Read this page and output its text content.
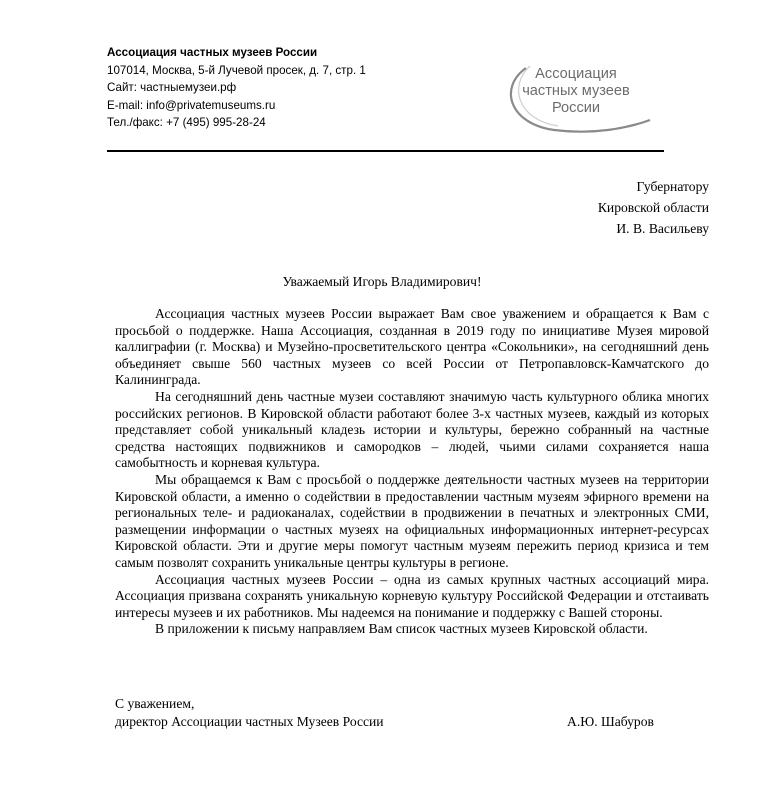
Ассоциация частных музеев России
107014, Москва, 5-й Лучевой просек, д. 7, стр. 1
Сайт: частныемузеи.рф
E-mail: info@privatemuseums.ru
Тел./факс: +7 (495) 995-28-24
Ассоциация
частных музеев
России
Губернатору
Кировской области
И. В. Васильеву
Уважаемый Игорь Владимирович!

Ассоциация частных музеев России выражает Вам свое уважением и обращается к Вам с просьбой о поддержке. Наша Ассоциация, созданная в 2019 году по инициативе Музея мировой каллиграфии (г. Москва) и Музейно-просветительского центра «Сокольники», на сегодняшний день объединяет свыше 560 частных музеев со всей России от Петропавловск-Камчатского до Калининграда.

На сегодняшний день частные музеи составляют значимую часть культурного облика многих российских регионов. В Кировской области работают более 3-х частных музеев, каждый из которых представляет собой уникальный кладезь истории и культуры, бережно собранный на частные средства настоящих подвижников и самородков – людей, чьими силами сохраняется наша самобытность и корневая культура.

Мы обращаемся к Вам с просьбой о поддержке деятельности частных музеев на территории Кировской области, а именно о содействии в предоставлении частным музеям эфирного времени на региональных теле- и радиоканалах, содействии в продвижении в печатных и электронных СМИ, размещении информации о частных музеях на официальных информационных интернет-ресурсах Кировской области. Эти и другие меры помогут частным музеям пережить период кризиса и тем самым позволят сохранить уникальные центры культуры в регионе.

Ассоциация частных музеев России – одна из самых крупных частных ассоциаций мира. Ассоциация призвана сохранять уникальную корневую культуру Российской Федерации и отстаивать интересы музеев и их работников. Мы надеемся на понимание и поддержку с Вашей стороны.

В приложении к письму направляем Вам список частных музеев Кировской области.

С уважением,
директор Ассоциации частных Музеев России	А.Ю. Шабуров
